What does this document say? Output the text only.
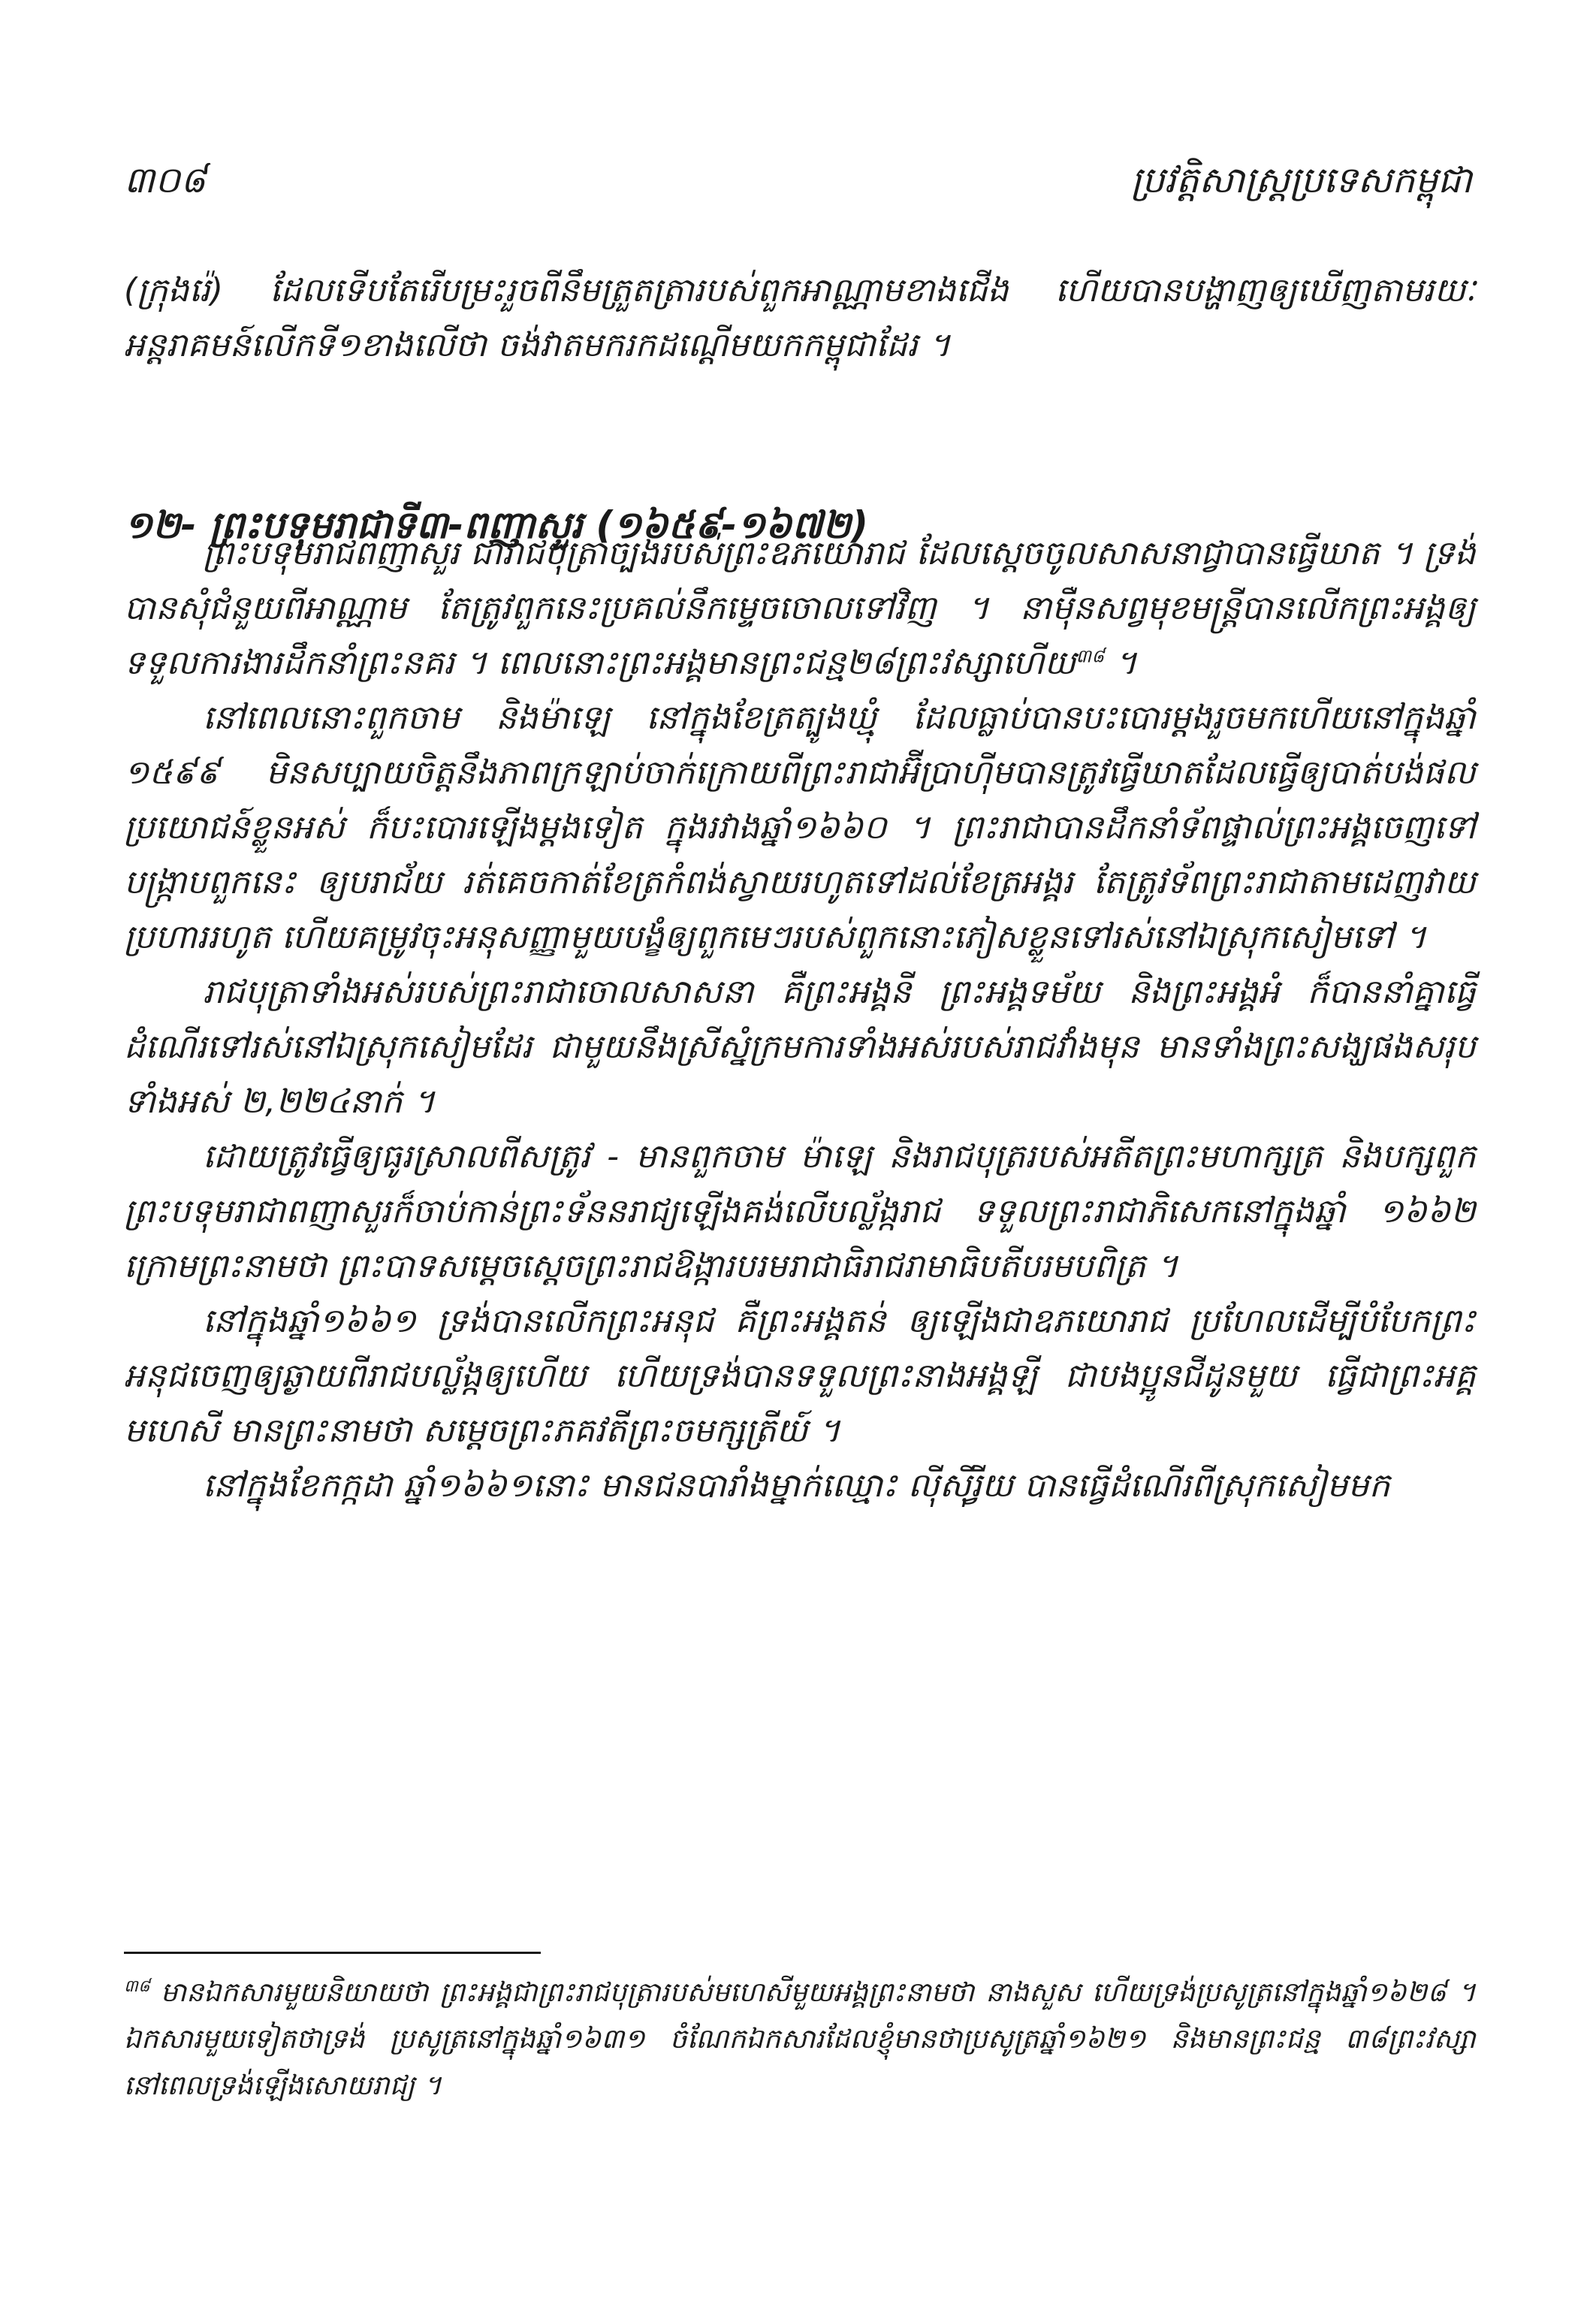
៣០៨	ប្រវត្តិសាស្ត្រប្រទេសកម្ពុជា

(ក្រុងរ៉េ) ដែលទើបតែរើបម្រះរួចពីនឹមត្រួតត្រារបស់ពួកអាណ្ណាមខាងជើង ហើយបានបង្ហាញឲ្យឃើញតាមរយៈអន្តរាគមន៍លើកទី១ខាងលើថា ចង់វាតមករកដណ្ដើមយកកម្ពុជាដែរ ។

១២- ព្រះបទុមរាជាទី៣-ពញាសួរ (១៦៥៩-១៦៧២)

ព្រះបទុមរាជពញាសួរ ជារាជបុត្រាច្បងរបស់ព្រះឧភយោរាជ ដែលស្ដេចចូលសាសនាជ្វាបានធ្វើឃាត ។ ទ្រង់បានសុំជំនួយពីអាណ្ណាម តែត្រូវពួកនេះប្រគល់នឹកម្ទេចចោលទៅវិញ ។ នាម៉ឺនសព្វមុខមន្ត្រីបានលើកព្រះអង្គឲ្យទទួលការងារដឹកនាំព្រះនគរ ។ ពេលនោះព្រះអង្គមានព្រះជន្ម២៨ព្រះវស្សាហើយ$^{៣៨}$ ។

នៅពេលនោះពួកចាម និងម៉ាឡេ នៅក្នុងខែត្រត្បូងឃ្មុំ ដែលធ្លាប់បានបះបោរម្ដងរួចមកហើយនៅក្នុងឆ្នាំ ១៥៩៩ មិនសប្បាយចិត្តនឹងភាពក្រឡាប់ចាក់ក្រោយពីព្រះរាជាអ៊ីប្រាហ៊ីមបានត្រូវធ្វើឃាតដែលធ្វើឲ្យបាត់បង់ផលប្រយោជន៍ខ្លួនអស់ ក៏បះបោរឡើងម្ដងទៀត ក្នុងរវាងឆ្នាំ១៦៦០ ។ ព្រះរាជាបានដឹកនាំទ័ពផ្ទាល់ព្រះអង្គចេញទៅបង្ក្រាបពួកនេះ ឲ្យបរាជ័យ រត់គេចកាត់ខែត្រកំពង់ស្វាយរហូតទៅដល់ខែត្រអង្គរ តែត្រូវទ័ពព្រះរាជាតាមដេញវាយប្រហាររហូត ហើយគម្រូវចុះអនុសញ្ញាមួយបង្ខំឲ្យពួកមេៗរបស់ពួកនោះភៀសខ្លួនទៅរស់នៅឯស្រុកសៀមទៅ ។

រាជបុត្រាទាំងអស់របស់ព្រះរាជាចោលសាសនា គឺព្រះអង្គនី ព្រះអង្គទម័យ និងព្រះអង្គអំ ក៏បាននាំគ្នាធ្វើដំណើរទៅរស់នៅឯស្រុកសៀមដែរ ជាមួយនឹងស្រីស្នំក្រមការទាំងអស់របស់រាជវាំងមុន មានទាំងព្រះសង្ឃផងសរុបទាំងអស់ ២,២២៤នាក់ ។

ដោយត្រូវធ្វើឲ្យធូរស្រាលពីសត្រូវ - មានពួកចាម ម៉ាឡេ និងរាជបុត្ររបស់អតីតព្រះមហាក្សត្រ និងបក្សពួក ព្រះបទុមរាជាពញាសួរក៏ចាប់កាន់ព្រះទ័ននរាជ្យឡើងគង់លើបល្ល័ង្ករាជ ទទួលព្រះរាជាភិសេកនៅក្នុងឆ្នាំ ១៦៦២ ក្រោមព្រះនាមថា ព្រះបាទសម្ដេចស្ដេចព្រះរាជឱង្ការបរមរាជាធិរាជរាមាធិបតីបរមបពិត្រ ។

នៅក្នុងឆ្នាំ១៦៦១ ទ្រង់បានលើកព្រះអនុជ គឺព្រះអង្គតន់ ឲ្យឡើងជាឧភយោរាជ ប្រហែលដើម្បីបំបែកព្រះអនុជចេញឲ្យឆ្ងាយពីរាជបល្ល័ង្កឲ្យហើយ ហើយទ្រង់បានទទួលព្រះនាងអង្គឡី ជាបងប្អូនជីដូនមួយ ធ្វើជាព្រះអគ្គមហេសី មានព្រះនាមថា សម្ដេចព្រះភគវតីព្រះចមក្សត្រីយ៍ ។

នៅក្នុងខែកក្កដា ឆ្នាំ១៦៦១នោះ មានជនបារាំងម្នាក់ឈ្មោះ លុីសុីរ្វីយ បានធ្វើដំណើរពីស្រុកសៀមមក

$^{៣៨}$ មានឯកសារមួយនិយាយថា ព្រះអង្គជាព្រះរាជបុត្រារបស់មហេសីមួយអង្គព្រះនាមថា នាងសួស ហើយទ្រង់ប្រសូត្រនៅក្នុងឆ្នាំ១៦២៨ ។ ឯកសារមួយទៀតថាទ្រង់ ប្រសូត្រនៅក្នុងឆ្នាំ១៦៣១ ចំណែកឯកសារដែលខ្ញុំមានថាប្រសូត្រឆ្នាំ១៦២១ និងមានព្រះជន្ម ៣៨ព្រះវស្សា នៅពេលទ្រង់ឡើងសោយរាជ្យ ។
